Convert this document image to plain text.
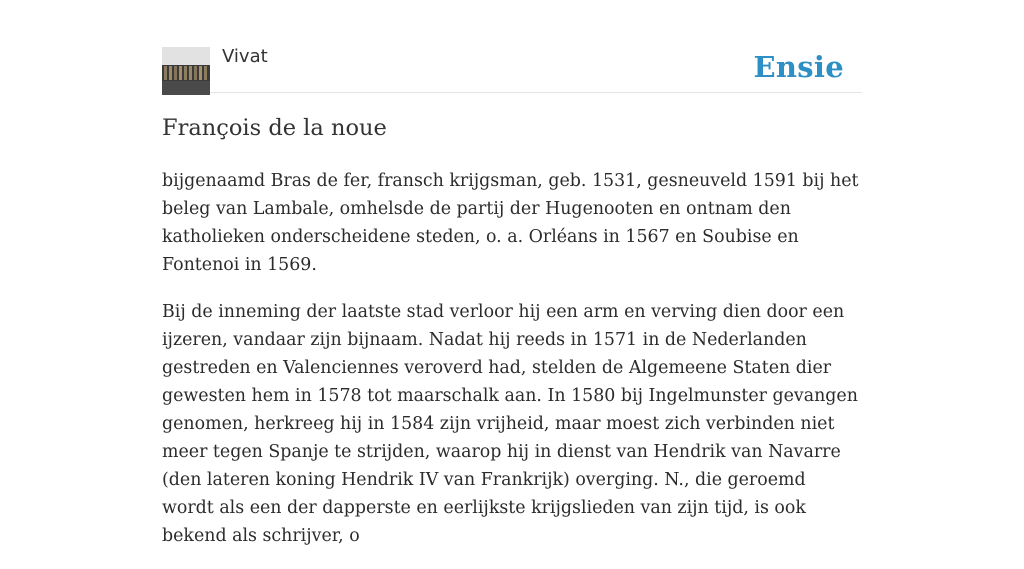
Vivat	Ensie
François de la noue

bijgenaamd Bras de fer, fransch krijgsman, geb. 1531, gesneuveld 1591 bij het beleg van Lambale, omhelsde de partij der Hugenooten en ontnam den katholieken onderscheidene steden, o. a. Orléans in 1567 en Soubise en Fontenoi in 1569.

Bij de inneming der laatste stad verloor hij een arm en verving dien door een ijzeren, vandaar zijn bijnaam. Nadat hij reeds in 1571 in de Nederlanden gestreden en Valenciennes veroverd had, stelden de Algemeene Staten dier gewesten hem in 1578 tot maarschalk aan. In 1580 bij Ingelmunster gevangen genomen, herkreeg hij in 1584 zijn vrijheid, maar moest zich verbinden niet meer tegen Spanje te strijden, waarop hij in dienst van Hendrik van Navarre (den lateren koning Hendrik IV van Frankrijk) overging. N., die geroemd wordt als een der dapperste en eerlijkste krijgslieden van zijn tijd, is ook bekend als schrijver, o
